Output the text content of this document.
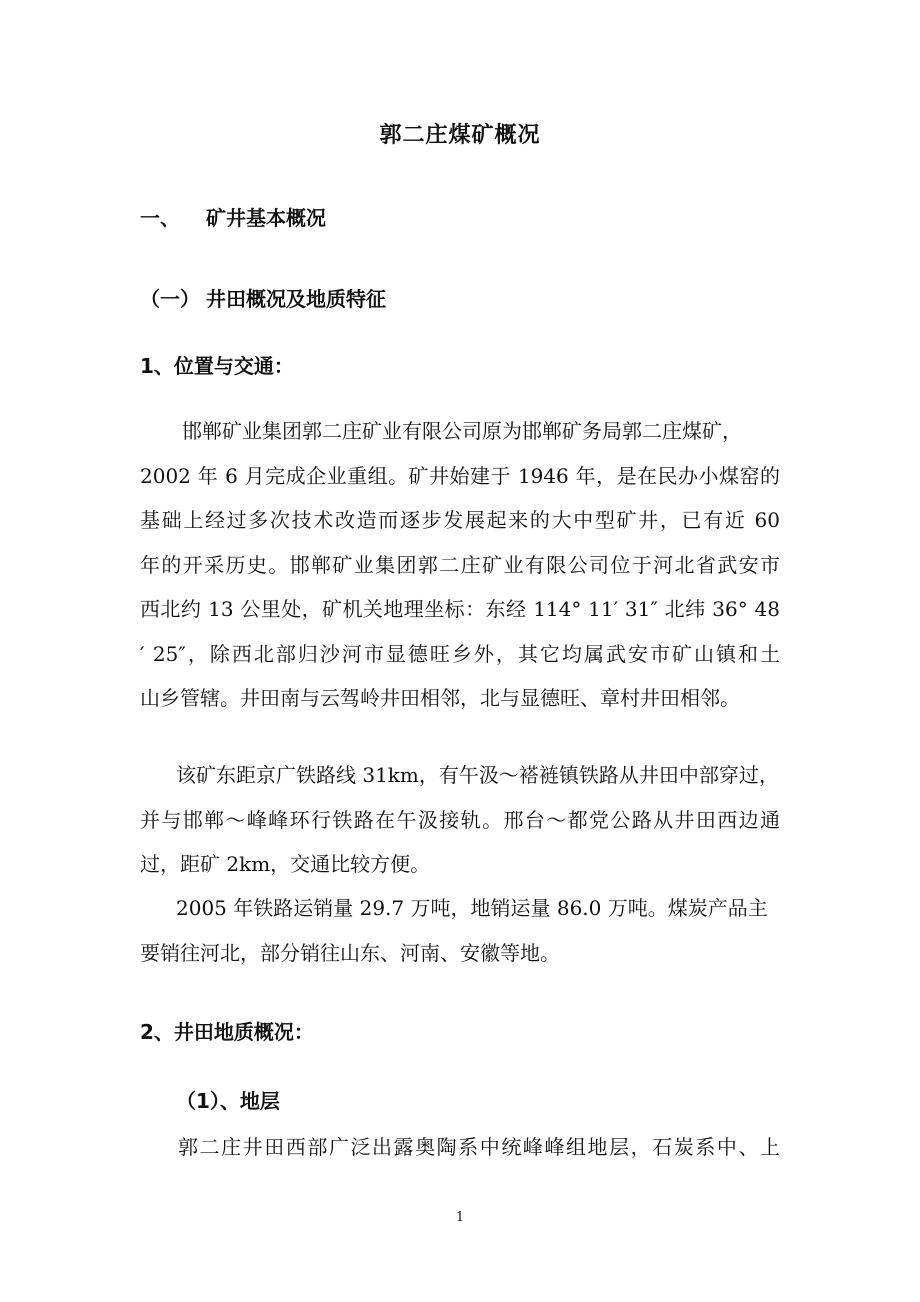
郭二庄煤矿概况
一、 矿井基本概况
（一） 井田概况及地质特征
1、位置与交通：
邯郸矿业集团郭二庄矿业有限公司原为邯郸矿务局郭二庄煤矿，
2002 年 6 月完成企业重组。矿井始建于 1946 年，是在民办小煤窑的
基础上经过多次技术改造而逐步发展起来的大中型矿井，已有近 60
年的开采历史。邯郸矿业集团郭二庄矿业有限公司位于河北省武安市
西北约 13 公里处，矿机关地理坐标：东经 114° 11′ 31″ 北纬 36° 48
′ 25″，除西北部归沙河市显德旺乡外，其它均属武安市矿山镇和土
山乡管辖。井田南与云驾岭井田相邻，北与显德旺、章村井田相邻。
该矿东距京广铁路线 31km，有午汲～褡裢镇铁路从井田中部穿过，
并与邯郸～峰峰环行铁路在午汲接轨。邢台～都党公路从井田西边通
过，距矿 2km，交通比较方便。
2005 年铁路运销量 29.7 万吨，地销运量 86.0 万吨。煤炭产品主
要销往河北，部分销往山东、河南、安徽等地。
2、井田地质概况：
（1）、地层
郭二庄井田西部广泛出露奥陶系中统峰峰组地层，石炭系中、上
1
